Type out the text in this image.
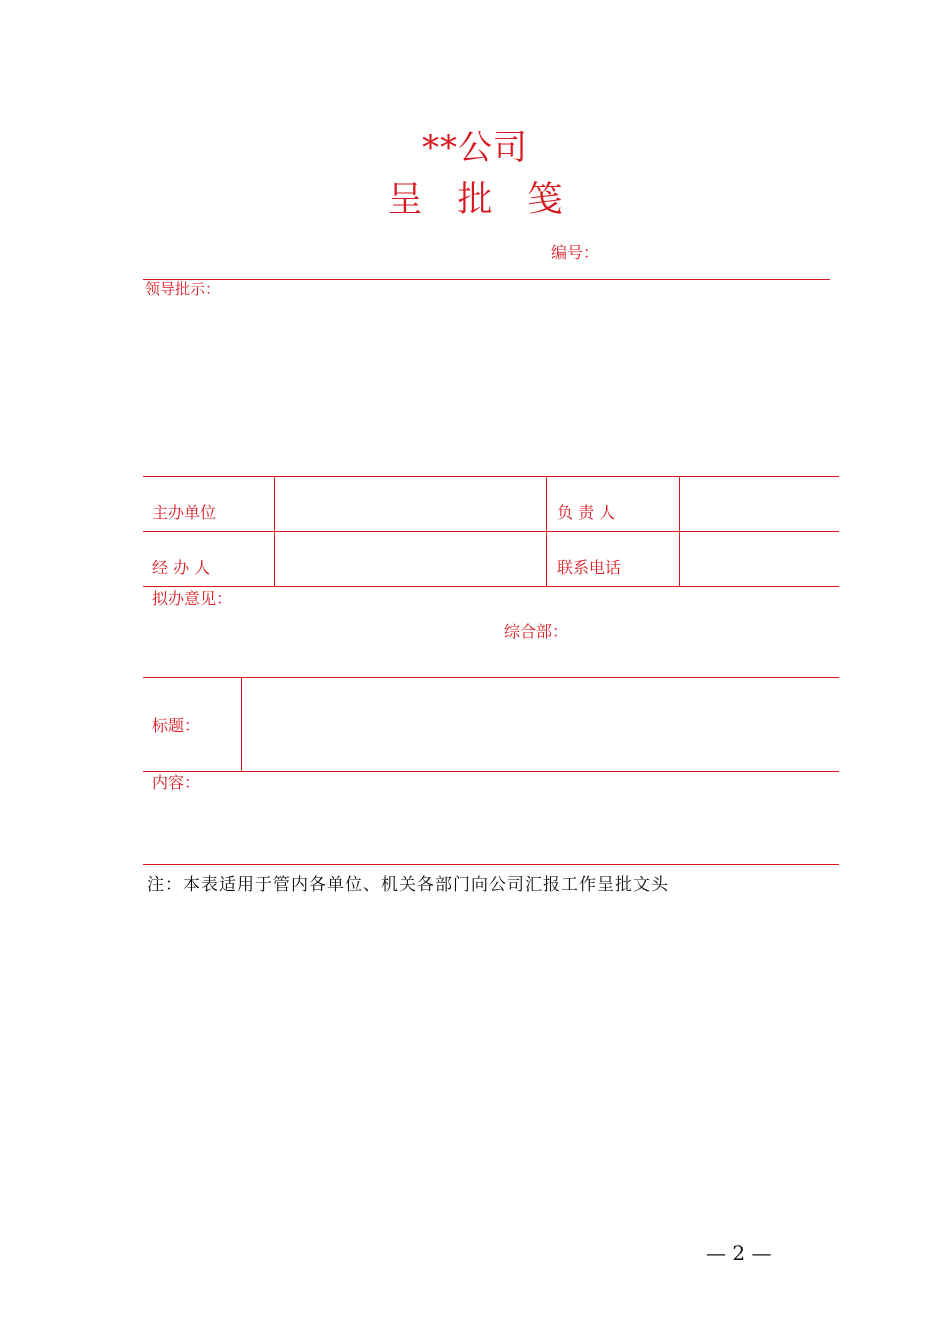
**公司
呈　批　笺
编号：
领导批示：
主办单位	负 责 人
经 办 人	联系电话
拟办意见：
综合部：
标题：
内容：
注：本表适用于管内各单位、机关各部门向公司汇报工作呈批文头
— 2 —
